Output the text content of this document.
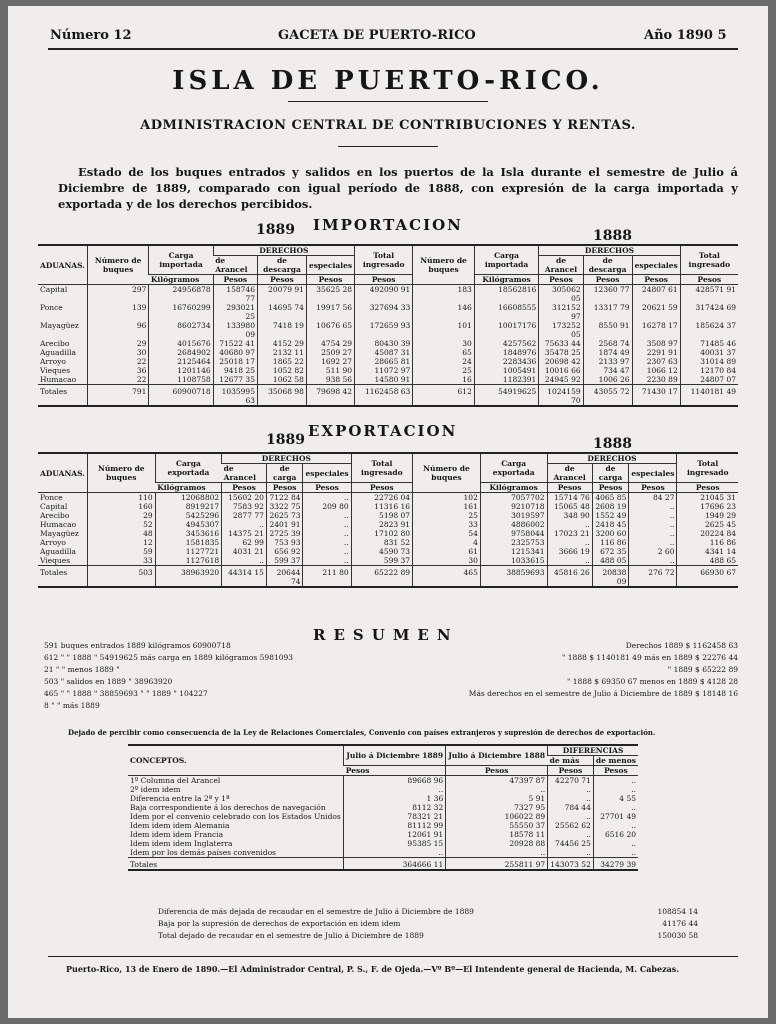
Número 12	GACETA DE PUERTO-RICO	Año 1890 5
ISLA DE PUERTO-RICO.
ADMINISTRACION CENTRAL DE CONTRIBUCIONES Y RENTAS.
Estado de los buques entrados y salidos en los puertos de la Isla durante el semestre de Julio á Diciembre de 1889, comparado con igual período de 1888, con expresión de la carga importada y exportada y de los derechos percibidos.
1889 IMPORTACION
1888
ADUANAS.	Número de buques	Carga importada	DERECHOS			Total ingresado	Número de buques	Carga importada	DERECHOS			Total ingresado
			de Arancel	de descarga	especiales				de Arancel	de descarga	especiales	
		Kilógramos	Pesos	Pesos	Pesos	Pesos		Kilógramos	Pesos	Pesos	Pesos	Pesos
Capital	297	24956878	158746 77	20079 91	35625 28	492090 91	183	18562816	305062 05	12360 77	24807 61	428571 91
Ponce	139	16760299	293021 25	14695 74	19917 56	327694 33	146	16608555	312152 97	13317 79	20621 59	317424 69
Mayagüez	96	8602734	133980 09	7418 19	10676 65	172659 93	101	10017176	173252 05	8550 91	16278 17	185624 37
Arecibo	29	4015676	71522 41	4152 29	4754 29	80430 39	30	4257562	75633 44	2568 74	3508 97	71485 46
Aguadilla	30	2684902	40680 97	2132 11	2509 27	45087 31	65	1848976	35478 25	1874 49	2291 91	40031 37
Arroyo	22	2125464	25018 17	1865 22	1692 27	28665 81	24	2283436	20698 42	2133 97	2307 63	31014 89
Vieques	36	1201146	9418 25	1052 82	511 90	11072 97	25	1005491	10016 66	734 47	1066 12	12170 84
Humacao	22	1108758	12677 35	1062 58	938 56	14580 91	16	1182391	24945 92	1006 26	2230 89	24807 07
Totales	791	60900718	1035995 63	35068 98	79698 42	1162458 63	612	54919625	1024159 70	43055 72	71430 17	1140181 49
1889 EXPORTACION
1888
ADUANAS.	Número de buques	Carga exportada	DERECHOS			Total ingresado	Número de buques	Carga exportada	DERECHOS			Total ingresado
			de Arancel	de carga	especiales				de Arancel	de carga	especiales	
		Kilógramos	Pesos	Pesos	Pesos	Pesos		Kilógramos	Pesos	Pesos	Pesos	Pesos
Ponce	110	12068802	15602 20	7122 84	..	22726 04	102	7057702	15714 76	4065 85	84 27	21045 31
Capital	160	8919217	7583 92	3322 75	209 80	11316 16	161	9210718	15065 48	2608 19	..	17696 23
Arecibo	29	5425296	2877 77	2625 73	..	5198 07	25	3019597	348 90	1552 49	..	1949 29
Humacao	52	4945307	..	2401 91	..	2823 91	33	4886002	..	2418 45	..	2625 45
Mayagüez	48	3453616	14375 21	2725 39	..	17102 80	54	9758044	17023 21	3200 60	..	20224 84
Arroyo	12	1581835	62 99	753 93	..	831 52	4	2325753	..	116 86	..	116 86
Aguadilla	59	1127721	4031 21	656 92	..	4590 73	61	1215341	3666 19	672 35	2 60	4341 14
Vieques	33	1127618	..	599 37	..	599 37	30	1033615	..	488 05	..	488 65
Totales	503	38963920	44314 15	20644 74	211 80	65222 89	465	38859693	45816 26	20838 09	276 72	66930 67
RESUMEN
591 buques entrados 1889 kilógramos 60900718
612 " " 1888 " 54919625 más carga en 1889 kilógramos 5981093
21 " " menos 1889 "
503 " salidos en 1889 " 38963920
465 " " 1888 " 38859693 " " 1889 " 104227
8 " " más 1889
Derechos 1889 $ 1162458 63
" 1888 $ 1140181 49 más en 1889 $ 22276 44
" 1889 $ 65222 89
" 1888 $ 69350 67 menos en 1889 $ 4128 28
Más derechos en el semestre de Julio á Diciembre de 1889 $ 18148 16
Dejado de percibir como consecuencia de la Ley de Relaciones Comerciales, Convenio con países extranjeros y supresión de derechos de exportación.
CONCEPTOS.	Julio á Diciembre 1889	Julio á Diciembre 1888	DIFERENCIAS	
			de más	de menos
	Pesos	Pesos	Pesos	Pesos
1º Columna del Arancel	89668 96	47397 87	42270 71	..
2º idem idem	..	..	..	..
Diferencia entre la 2ª y 1ª	1 36	5 91	..	4 55
Baja correspondiente á los derechos de navegación	8112 32	7327 95	784 44	..
Idem por el convenio celebrado con los Estados Unidos	78321 21	106022 89	..	27701 49
Idem idem idem Alemania	81112 99	55550 37	25562 62	..
Idem idem idem Francia	12061 91	18578 11	..	6516 20
Idem idem idem Inglaterra	95385 15	20928 88	74456 25	..
Idem por los demás países convenidos	..	..	..	..
Totales	364666 11	255811 97	143073 52	34279 39
Diferencia de más dejada de recaudar en el semestre de Julio á Diciembre de 1889	108854 14
Baja por la supresión de derechos de exportación en idem idem	41176 44
Total dejado de recaudar en el semestre de Julio á Diciembre de 1889	150030 58
Puerto-Rico, 13 de Enero de 1890.—El Administrador Central, P. S., F. de Ojeda.—Vº Bº—El Intendente general de Hacienda, M. Cabezas.
